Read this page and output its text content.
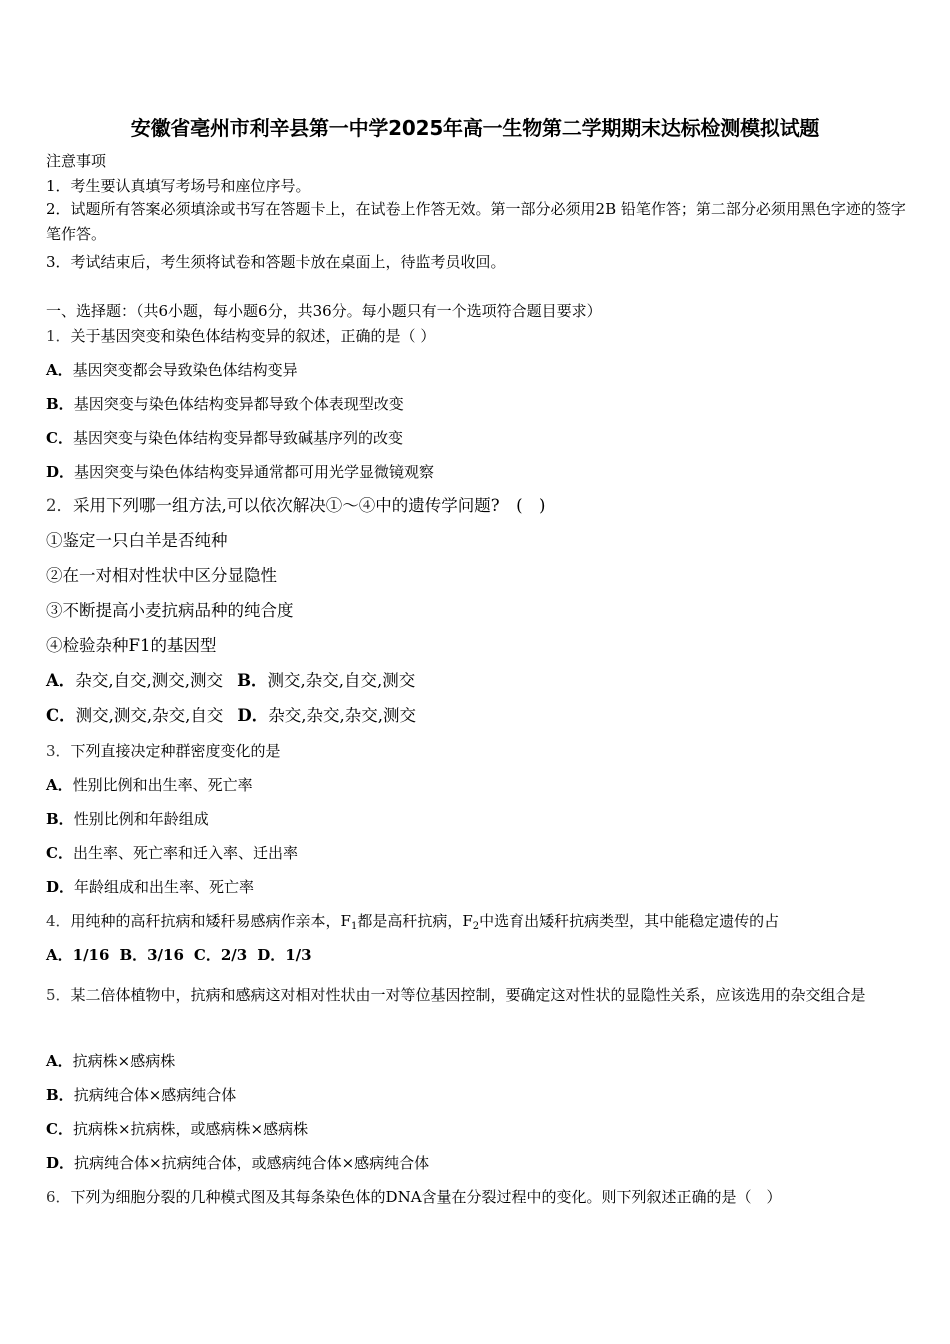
安徽省亳州市利辛县第一中学2025年高一生物第二学期期末达标检测模拟试题
注意事项
1．考生要认真填写考场号和座位序号。
2．试题所有答案必须填涂或书写在答题卡上，在试卷上作答无效。第一部分必须用2B 铅笔作答；第二部分必须用黑色字迹的签字笔作答。
3．考试结束后，考生须将试卷和答题卡放在桌面上，待监考员收回。
一、选择题：（共6小题，每小题6分，共36分。每小题只有一个选项符合题目要求）
1．关于基因突变和染色体结构变异的叙述，正确的是（ ）
A．基因突变都会导致染色体结构变异
B．基因突变与染色体结构变异都导致个体表现型改变
C．基因突变与染色体结构变异都导致碱基序列的改变
D．基因突变与染色体结构变异通常都可用光学显微镜观察
2．采用下列哪一组方法,可以依次解决①～④中的遗传学问题?　(　)
①鉴定一只白羊是否纯种
②在一对相对性状中区分显隐性
③不断提高小麦抗病品种的纯合度
④检验杂种F1的基因型
A．杂交,自交,测交,测交 B．测交,杂交,自交,测交
C．测交,测交,杂交,自交 D．杂交,杂交,杂交,测交
3．下列直接决定种群密度变化的是
A．性别比例和出生率、死亡率
B．性别比例和年龄组成
C．出生率、死亡率和迁入率、迁出率
D．年龄组成和出生率、死亡率
4．用纯种的高秆抗病和矮秆易感病作亲本，$F_1$都是高秆抗病，$F_2$中选育出矮秆抗病类型，其中能稳定遗传的占
A．1/16 B．3/16 C．2/3 D．1/3
5．某二倍体植物中，抗病和感病这对相对性状由一对等位基因控制，要确定这对性状的显隐性关系，应该选用的杂交组合是
A．抗病株×感病株
B．抗病纯合体×感病纯合体
C．抗病株×抗病株，或感病株×感病株
D．抗病纯合体×抗病纯合体，或感病纯合体×感病纯合体
6．下列为细胞分裂的几种模式图及其每条染色体的DNA含量在分裂过程中的变化。则下列叙述正确的是（　）
